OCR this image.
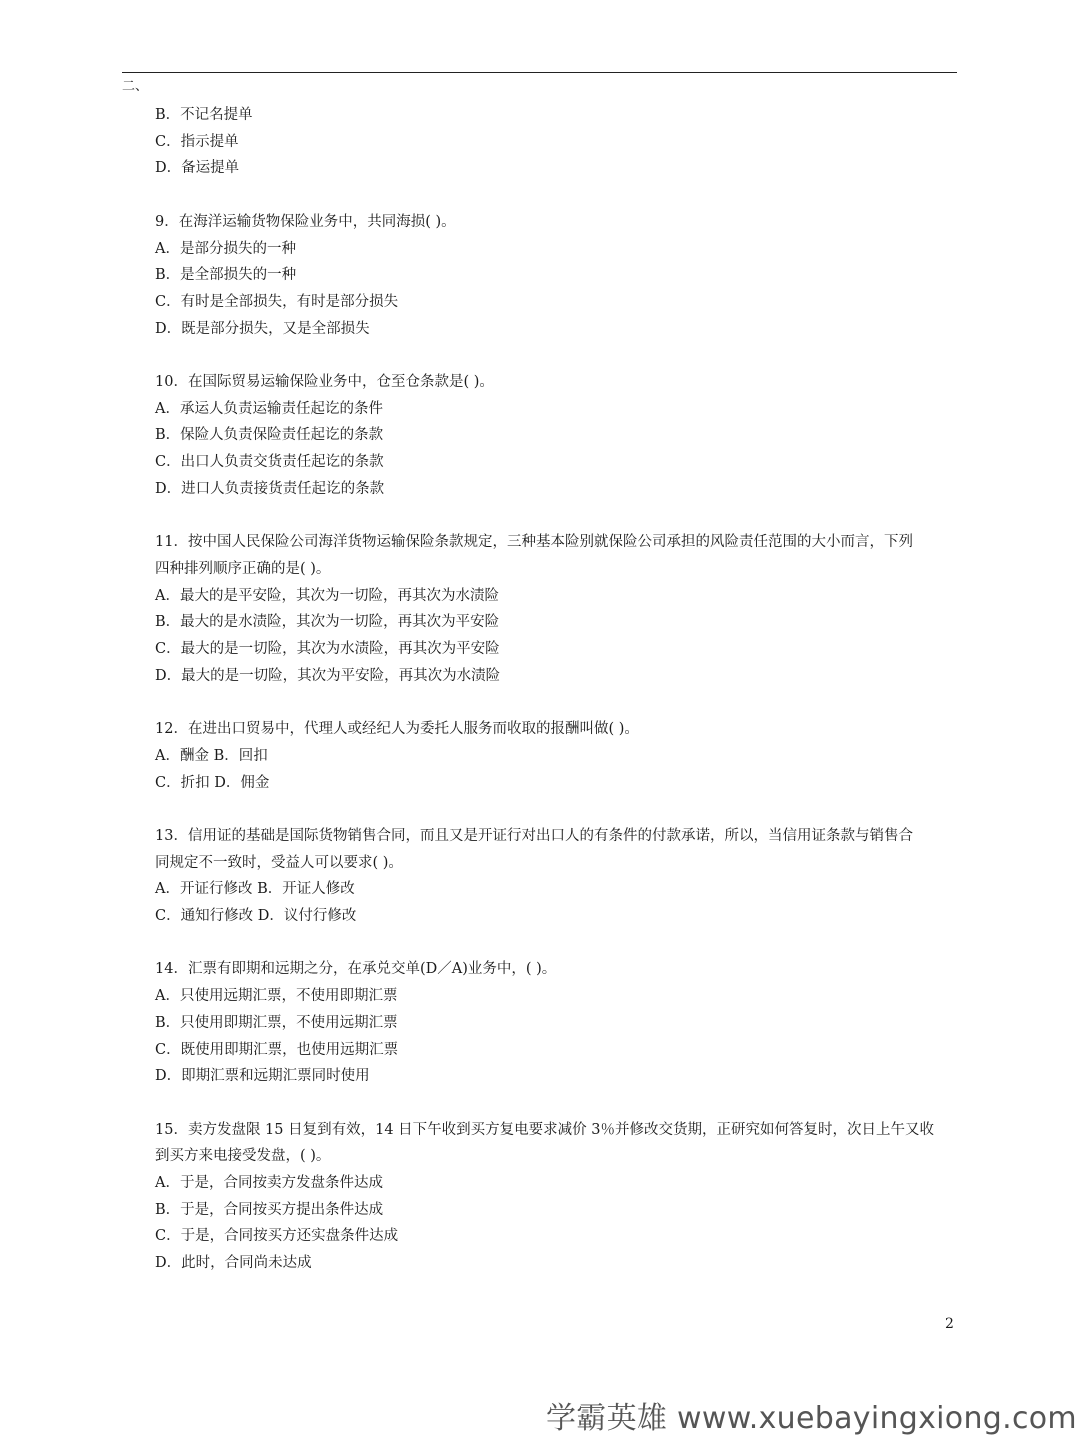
二、
B．不记名提单
C．指示提单
D．备运提单
9．在海洋运输货物保险业务中，共同海损( )。
A．是部分损失的一种
B．是全部损失的一种
C．有时是全部损失，有时是部分损失
D．既是部分损失，又是全部损失
10．在国际贸易运输保险业务中，仓至仓条款是( )。
A．承运人负责运输责任起讫的条件
B．保险人负责保险责任起讫的条款
C．出口人负责交货责任起讫的条款
D．进口人负责接货责任起讫的条款
11．按中国人民保险公司海洋货物运输保险条款规定，三种基本险别就保险公司承担的风险责任范围的大小而言，下列
四种排列顺序正确的是( )。
A．最大的是平安险，其次为一切险，再其次为水渍险
B．最大的是水渍险，其次为一切险，再其次为平安险
C．最大的是一切险，其次为水渍险，再其次为平安险
D．最大的是一切险，其次为平安险，再其次为水渍险
12．在进出口贸易中，代理人或经纪人为委托人服务而收取的报酬叫做( )。
A．酬金 B．回扣
C．折扣 D．佣金
13．信用证的基础是国际货物销售合同，而且又是开证行对出口人的有条件的付款承诺，所以，当信用证条款与销售合
同规定不一致时，受益人可以要求( )。
A．开证行修改 B．开证人修改
C．通知行修改 D．议付行修改
14．汇票有即期和远期之分，在承兑交单(D／A)业务中，( )。
A．只使用远期汇票，不使用即期汇票
B．只使用即期汇票，不使用远期汇票
C．既使用即期汇票，也使用远期汇票
D．即期汇票和远期汇票同时使用
15．卖方发盘限 15 日复到有效，14 日下午收到买方复电要求减价 3％并修改交货期，正研究如何答复时，次日上午又收
到买方来电接受发盘，( )。
A．于是，合同按卖方发盘条件达成
B．于是，合同按买方提出条件达成
C．于是，合同按买方还实盘条件达成
D．此时，合同尚未达成
2
学霸英雄 www.xuebayingxiong.com
